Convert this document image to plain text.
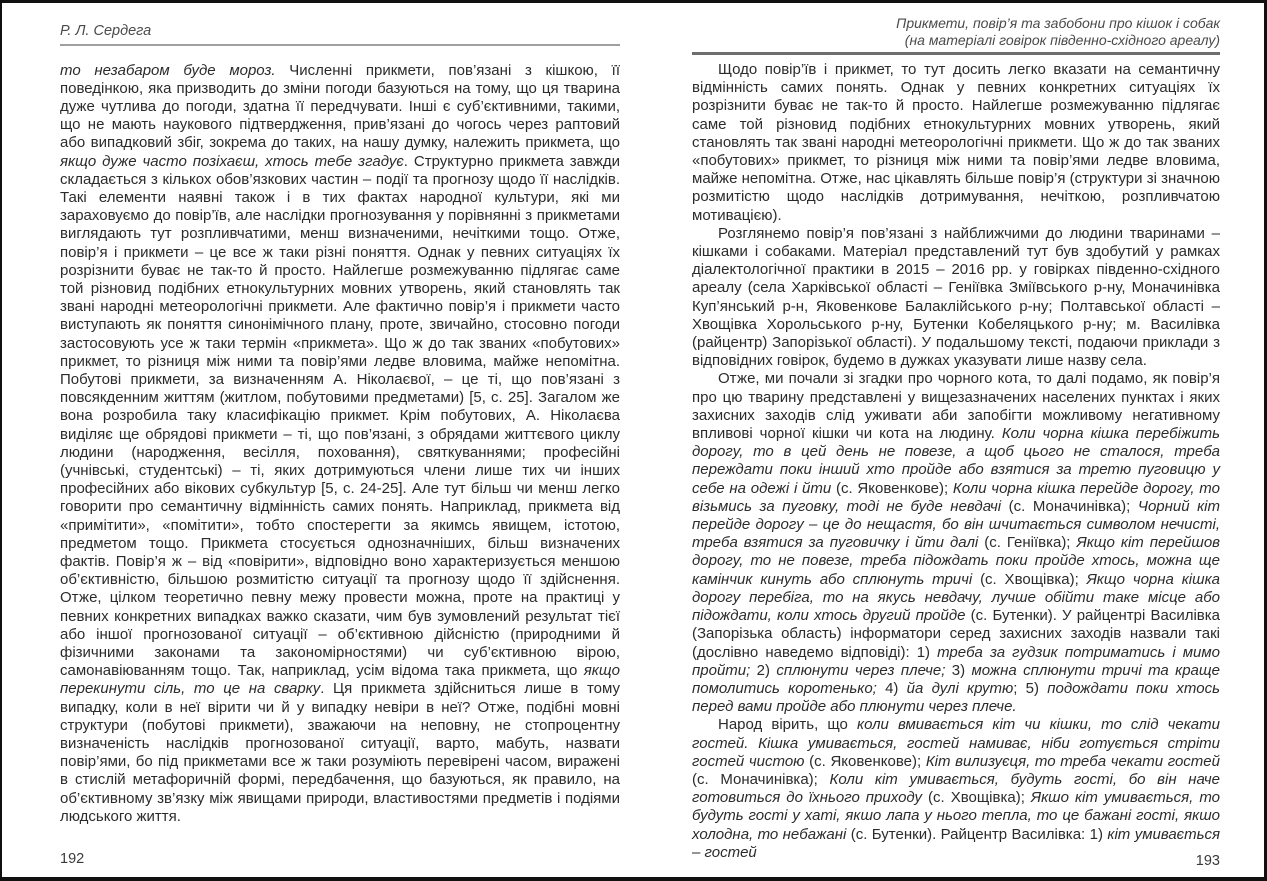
Р. Л. Сердега

то незабаром буде мороз. Численні прикмети, пов’язані з кішкою, її поведінкою, яка призводить до зміни погоди базуються на тому, що ця тварина дуже чутлива до погоди, здатна її передчувати. Інші є суб’єктивними, такими, що не мають наукового підтвердження, прив’язані до чогось через раптовий або випадковий збіг, зокрема до таких, на нашу думку, належить прикмета, що якщо дуже часто позіхаєш, хтось тебе згадує. Структурно прикмета завжди складається з кількох обов’язкових частин – події та прогнозу щодо її наслідків. Такі елементи наявні також і в тих фактах народної культури, які ми зараховуємо до повір’їв, але наслідки прогнозування у порівнянні з прикметами виглядають тут розпливчатими, менш визначеними, нечіткими тощо. Отже, повір’я і прикмети – це все ж таки різні поняття. Однак у певних ситуаціях їх розрізнити буває не так-то й просто. Найлегше розмежуванню підлягає саме той різновид подібних етнокультурних мовних утворень, який становлять так звані народні метеорологічні прикмети. Але фактично повір’я і прикмети часто виступають як поняття синонімічного плану, проте, звичайно, стосовно погоди застосовують усе ж таки термін «прикмета». Що ж до так званих «побутових» прикмет, то різниця між ними та повір’ями ледве вловима, майже непомітна. Побутові прикмети, за визначенням А. Ніколаєвої, – це ті, що пов’язані з повсякденним життям (житлом, побутовими предметами) [5, с. 25]. Загалом же вона розробила таку класифікацію прикмет. Крім побутових, А. Ніколаєва виділяє ще обрядові прикмети – ті, що пов’язані, з обрядами життєвого циклу людини (народження, весілля, поховання), святкуваннями; професійні (учнівські, студентські) – ті, яких дотримуються члени лише тих чи інших професійних або вікових субкультур [5, с. 24-25]. Але тут більш чи менш легко говорити про семантичну відмінність самих понять. Наприклад, прикмета від «примітити», «помітити», тобто спостерегти за якимсь явищем, істотою, предметом тощо. Прикмета стосується однозначніших, більш визначених фактів. Повір’я ж – від «повірити», відповідно воно характеризується меншою об’єктивністю, більшою розмитістю ситуації та прогнозу щодо її здійснення. Отже, цілком теоретично певну межу провести можна, проте на практиці у певних конкретних випадках важко сказати, чим був зумовлений результат тієї або іншої прогнозованої ситуації – об’єктивною дійсністю (природними й фізичними законами та закономірностями) чи суб’єктивною вірою, самонавіюванням тощо. Так, наприклад, усім відома така прикмета, що якщо перекинути сіль, то це на сварку. Ця прикмета здійсниться лише в тому випадку, коли в неї вірити чи й у випадку невіри в неї? Отже, подібні мовні структури (побутові прикмети), зважаючи на неповну, не стопроцентну визначеність наслідків прогнозованої ситуації, варто, мабуть, назвати повір’ями, бо під прикметами все ж таки розуміють перевірені часом, виражені в стислій метафоричній формі, передбачення, що базуються, як правило, на об’єктивному зв’язку між явищами природи, властивостями предметів і подіями людського життя.

Прикмети, повір’я та забобони про кішок і собак
(на матеріалі говірок південно-східного ареалу)

Щодо повір’їв і прикмет, то тут досить легко вказати на семантичну відмінність самих понять. Однак у певних конкретних ситуаціях їх розрізнити буває не так-то й просто. Найлегше розмежуванню підлягає саме той різновид подібних етнокультурних мовних утворень, який становлять так звані народні метеорологічні прикмети. Що ж до так званих «побутових» прикмет, то різниця між ними та повір’ями ледве вловима, майже непомітна. Отже, нас цікавлять більше повір’я (структури зі значною розмитістю щодо наслідків дотримування, нечіткою, розпливчатою мотивацією).

Розглянемо повір’я пов’язані з найближчими до людини тваринами – кішками і собаками. Матеріал представлений тут був здобутий у рамках діалектологічної практики в 2015 – 2016 рр. у говірках південно-східного ареалу (села Харківської області – Геніївка Зміївського р-ну, Моначинівка Куп’янський р-н, Яковенкове Балаклійського р-ну; Полтавської області – Хвощівка Хорольського р-ну, Бутенки Кобеляцького р-ну; м. Василівка (райцентр) Запорізької області). У подальшому тексті, подаючи приклади з відповідних говірок, будемо в дужках указувати лише назву села.

Отже, ми почали зі згадки про чорного кота, то далі подамо, як повір’я про цю тварину представлені у вищезазначених населених пунктах і яких захисних заходів слід уживати аби запобігти можливому негативному впливові чорної кішки чи кота на людину. Коли чорна кішка перебіжить дорогу, то в цей день не повезе, а щоб цього не сталося, треба переждати поки інший хто пройде або взятися за третю пуговицю у себе на одежі і йти (с. Яковенкове); Коли чорна кішка перейде дорогу, то візьмись за пуговку, тоді не буде невдачі (с. Моначинівка); Чорний кіт перейде дорогу – це до нещастя, бо він шчитається символом нечисті, треба взятися за пуговичку і йти далі (с. Геніївка); Якщо кіт перейшов дорогу, то не повезе, треба підождать поки пройде хтось, можна ще камінчик кинуть або сплюнуть тричі (с. Хвощівка); Якщо чорна кішка дорогу перебіга, то на якусь невдачу, лучше обійти таке місце або підождати, коли хтось другий пройде (с. Бутенки). У райцентрі Василівка (Запорізька область) інформатори серед захисних заходів назвали такі (дослівно наведемо відповіді): 1) треба за гудзик потриматись і мимо пройти; 2) сплюнути через плече; 3) можна сплюнути тричі та краще помолитись коротенько; 4) йа дулі крутю; 5) подождати поки хтось перед вами пройде або плюнути через плече.

Народ вірить, що коли вмивається кіт чи кішки, то слід чекати гостей. Кішка умивається, гостей намиває, ніби готується стріти гостей чистою (с. Яковенкове); Кіт вилизуєця, то треба чекати гостей (с. Моначинівка); Коли кіт умивається, будуть гості, бо він наче готовиться до їхнього приходу (с. Хвощівка); Якшо кіт умивається, то будуть гості у хаті, якшо лапа у нього тепла, то це бажані гості, якшо холодна, то небажані (с. Бутенки). Райцентр Василівка: 1) кіт умивається – гостей

192	193
